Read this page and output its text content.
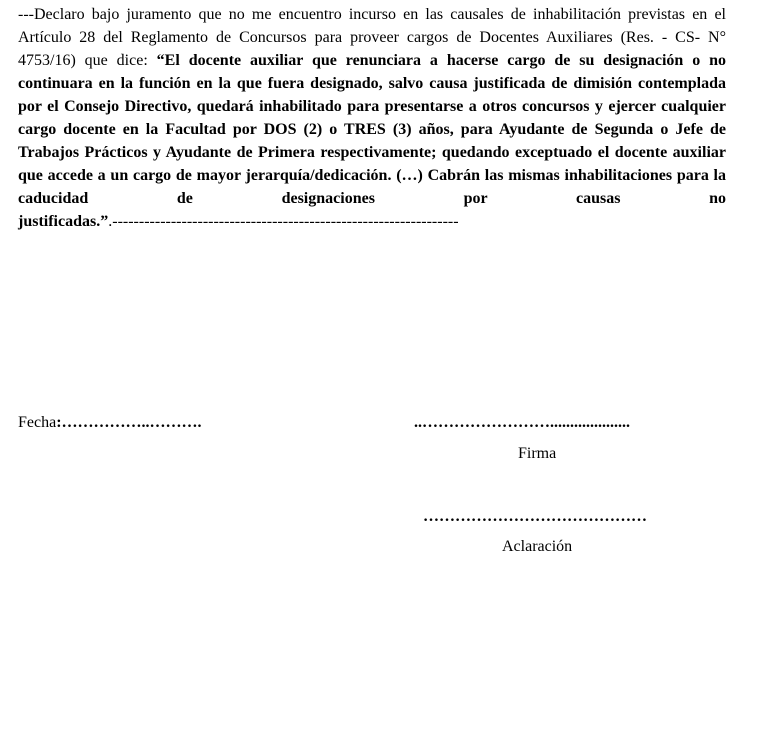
---Declaro bajo juramento que no me encuentro incurso en las causales de inhabilitación previstas en el Artículo 28 del Reglamento de Concursos para proveer cargos de Docentes Auxiliares (Res. - CS- N° 4753/16) que dice: “El docente auxiliar que renunciara a hacerse cargo de su designación o no continuara en la función en la que fuera designado, salvo causa justificada de dimisión contemplada por el Consejo Directivo, quedará inhabilitado para presentarse a otros concursos y ejercer cualquier cargo docente en la Facultad por DOS (2) o TRES (3) años, para Ayudante de Segunda o Jefe de Trabajos Prácticos y Ayudante de Primera respectivamente; quedando exceptuado el docente auxiliar que accede a un cargo de mayor jerarquía/dedicación. (…) Cabrán las mismas inhabilitaciones para la caducidad de designaciones por causas no justificadas.”.-----------------------------------------------------------------

Fecha:……………..……….	..……………………....................
Firma
……………………………………
Aclaración
